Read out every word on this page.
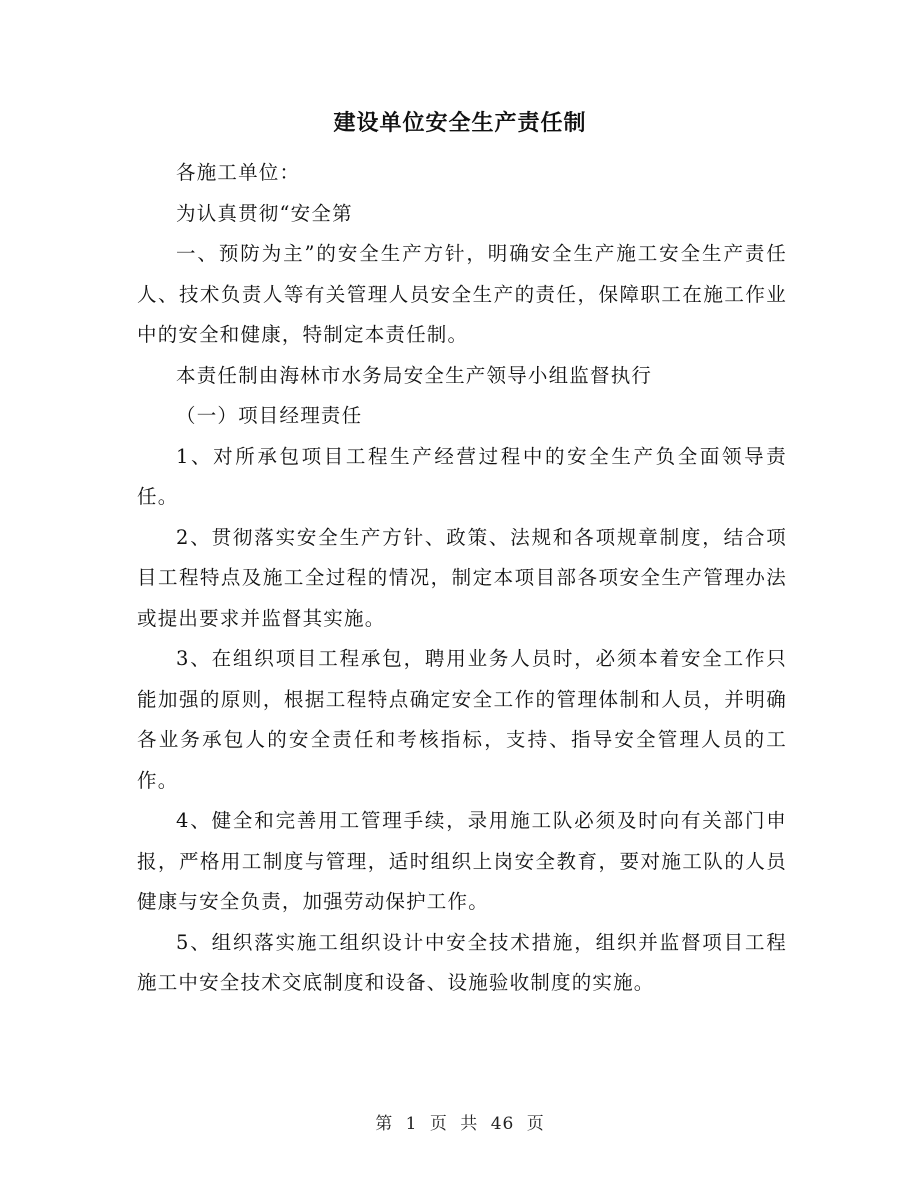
建设单位安全生产责任制

各施工单位：

为认真贯彻“安全第

一、预防为主”的安全生产方针，明确安全生产施工安全生产责任人、技术负责人等有关管理人员安全生产的责任，保障职工在施工作业中的安全和健康，特制定本责任制。

本责任制由海林市水务局安全生产领导小组监督执行

（一）项目经理责任

1、对所承包项目工程生产经营过程中的安全生产负全面领导责任。

2、贯彻落实安全生产方针、政策、法规和各项规章制度，结合项目工程特点及施工全过程的情况，制定本项目部各项安全生产管理办法或提出要求并监督其实施。

3、在组织项目工程承包，聘用业务人员时，必须本着安全工作只能加强的原则，根据工程特点确定安全工作的管理体制和人员，并明确各业务承包人的安全责任和考核指标，支持、指导安全管理人员的工作。

4、健全和完善用工管理手续，录用施工队必须及时向有关部门申报，严格用工制度与管理，适时组织上岗安全教育，要对施工队的人员健康与安全负责，加强劳动保护工作。

5、组织落实施工组织设计中安全技术措施，组织并监督项目工程施工中安全技术交底制度和设备、设施验收制度的实施。

第 1 页 共 46 页
